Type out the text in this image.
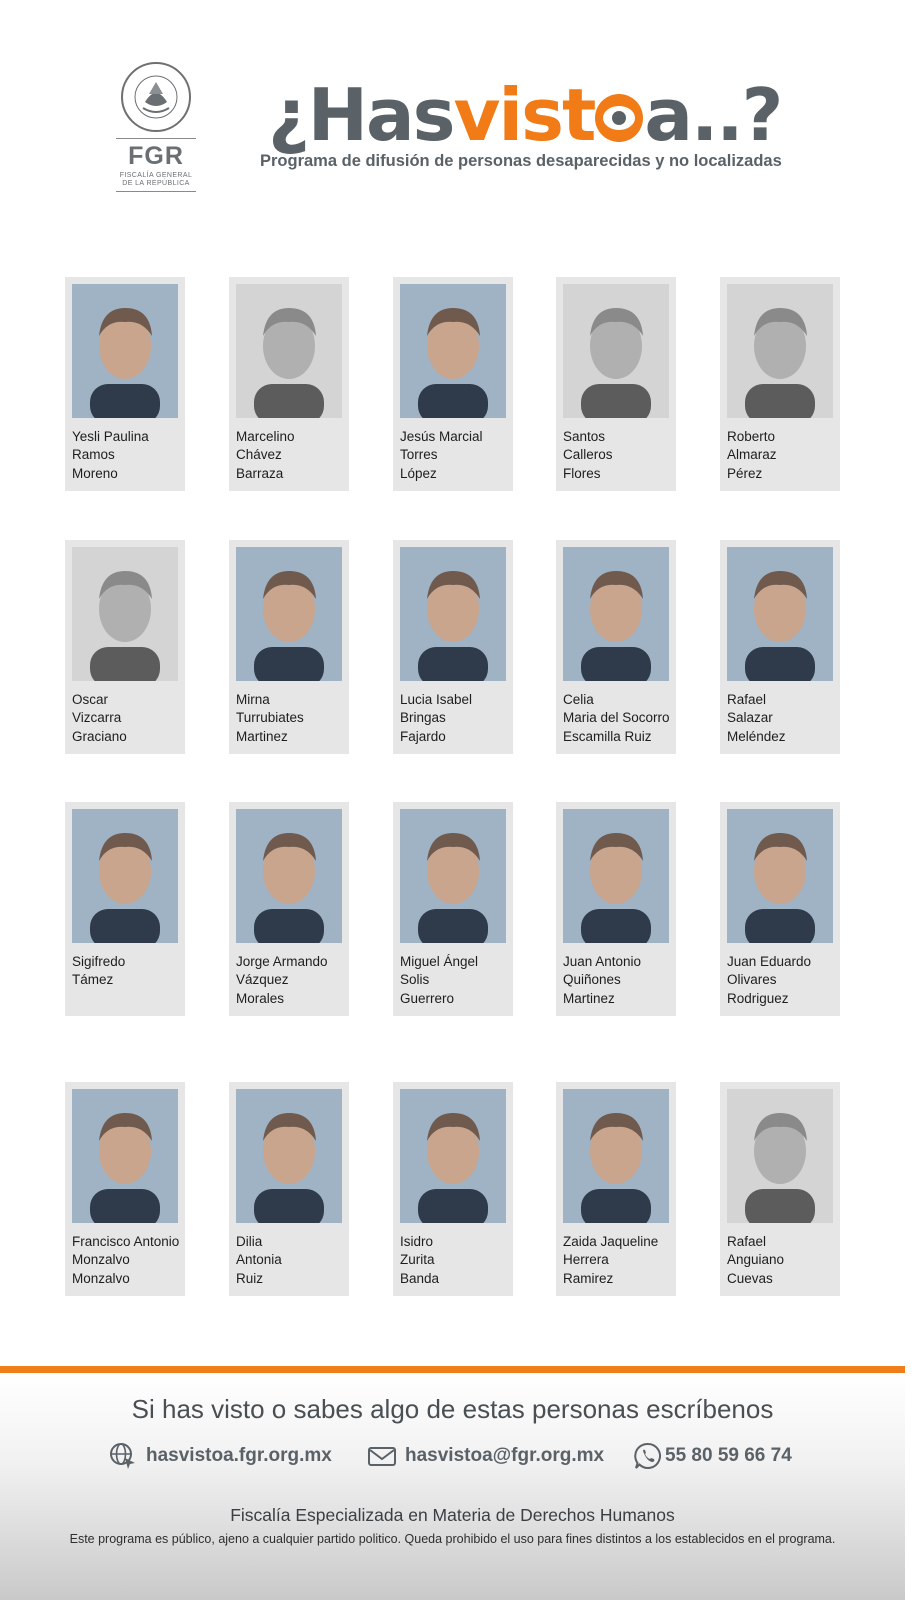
FGR
FISCALÍA GENERAL
DE LA REPÚBLICA
¿Hasvist a..?
Programa de difusión de personas desaparecidas y no localizadas
Yesli Paulina
Ramos
Moreno
Marcelino
Chávez
Barraza
Jesús Marcial
Torres
López
Santos
Calleros
Flores
Roberto
Almaraz
Pérez
Oscar
Vizcarra
Graciano
Mirna
Turrubiates
Martinez
Lucia Isabel
Bringas
Fajardo
Celia
Maria del Socorro
Escamilla Ruiz
Rafael
Salazar
Meléndez
Sigifredo
Támez
Jorge Armando
Vázquez
Morales
Miguel Ángel
Solis
Guerrero
Juan Antonio
Quiñones
Martinez
Juan Eduardo
Olivares
Rodriguez
Francisco Antonio
Monzalvo
Monzalvo
Dilia
Antonia
Ruiz
Isidro
Zurita
Banda
Zaida Jaqueline
Herrera
Ramirez
Rafael
Anguiano
Cuevas
Si has visto o sabes algo de estas personas escríbenos
hasvistoa.fgr.org.mx	hasvistoa@fgr.org.mx	55 80 59 66 74
Fiscalía Especializada en Materia de Derechos Humanos
Este programa es público, ajeno a cualquier partido politico. Queda prohibido el uso para fines distintos a los establecidos en el programa.
